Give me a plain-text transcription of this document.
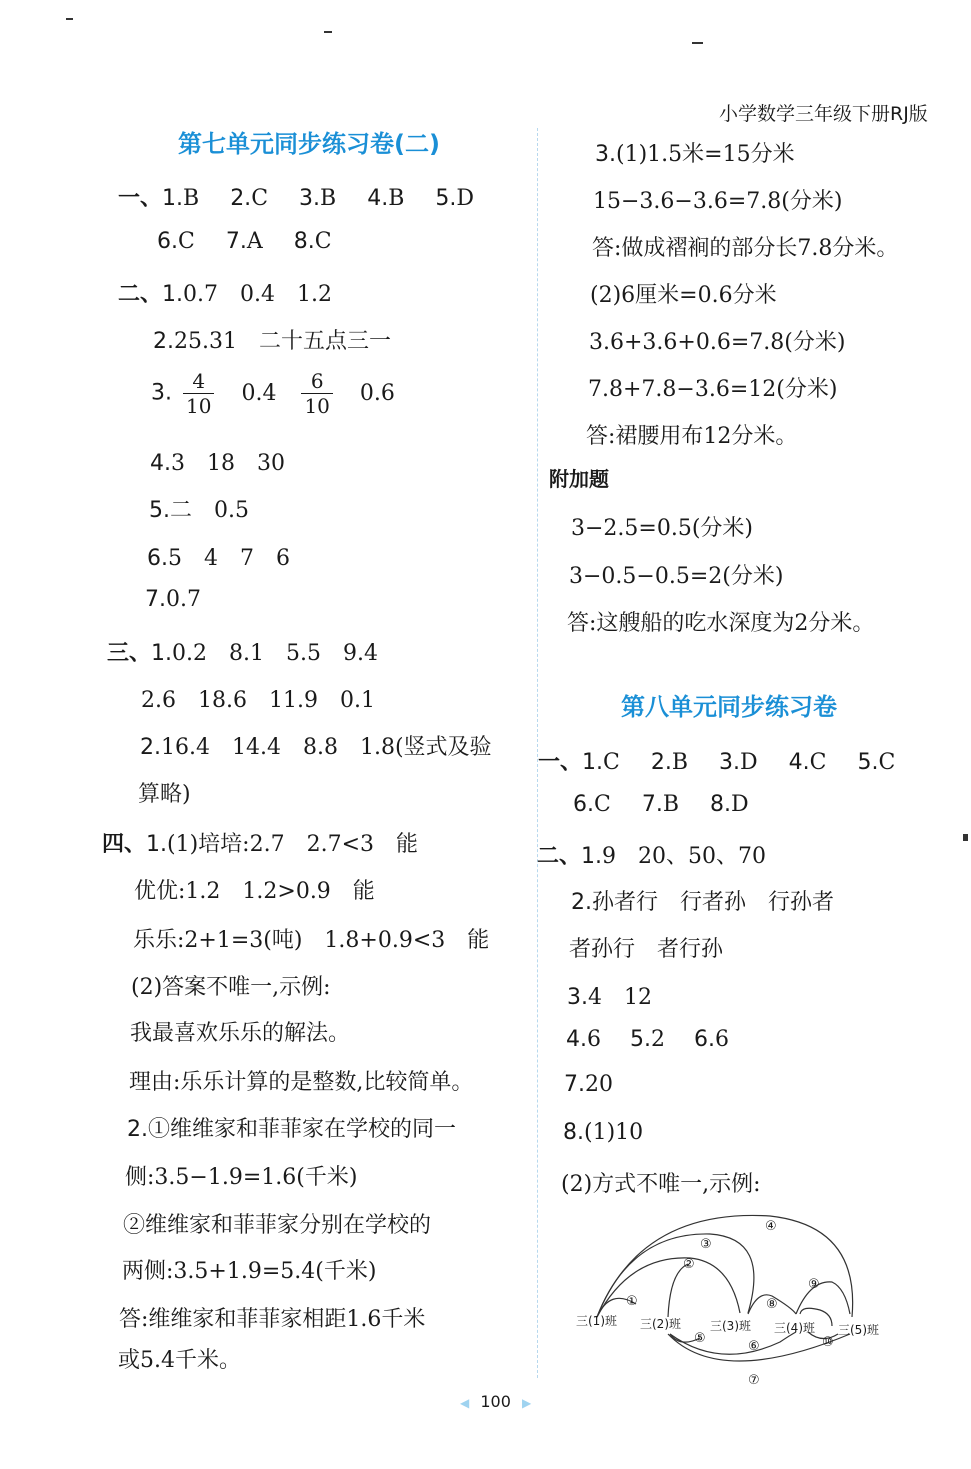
小学数学三年级下册RJ版
第七单元同步练习卷(二)
一、1.B 2.C 3.B 4.B 5.D
6.C 7.A 8.C
二、1.0.7　0.4　1.2
2.25.31　二十五点三一
3. $\frac{4}{10} 0.4 \frac{6}{10} 0.6$
4.3　18　30
5.二　0.5
6.5　4　7　6
7.0.7
三、1.0.2　8.1　5.5　9.4
2.6　18.6　11.9　0.1
2.16.4　14.4　8.8　1.8(竖式及验
算略)
四、1.(1)培培:2.7　2.7<3　能
优优:1.2　1.2>0.9　能
乐乐:2+1=3(吨)　1.8+0.9<3　能
(2)答案不唯一,示例:
我最喜欢乐乐的解法。
理由:乐乐计算的是整数,比较简单。
2.①维维家和菲菲家在学校的同一
侧:3.5−1.9=1.6(千米)
②维维家和菲菲家分别在学校的
两侧:3.5+1.9=5.4(千米)
答:维维家和菲菲家相距1.6千米
或5.4千米。
3.(1)1.5米=15分米
15−3.6−3.6=7.8(分米)
答:做成褶裥的部分长7.8分米。
(2)6厘米=0.6分米
3.6+3.6+0.6=7.8(分米)
7.8+7.8−3.6=12(分米)
答:裙腰用布12分米。
附加题
3−2.5=0.5(分米)
3−0.5−0.5=2(分米)
答:这艘船的吃水深度为2分米。
第八单元同步练习卷
一、1.C 2.B 3.D 4.C 5.C
6.C 7.B 8.D
二、1.9　20、50、70
2.孙者行　行者孙　行孙者
者孙行　者行孙
3.4　12
4.6 5.2 6.6
7.20
8.(1)10
(2)方式不唯一,示例:
三(1)班 三(2)班 三(3)班 三(4)班 三(5)班
①
②
③
④
⑤
⑥
⑦
⑧
⑨
⑩
◀ 100 ▶
